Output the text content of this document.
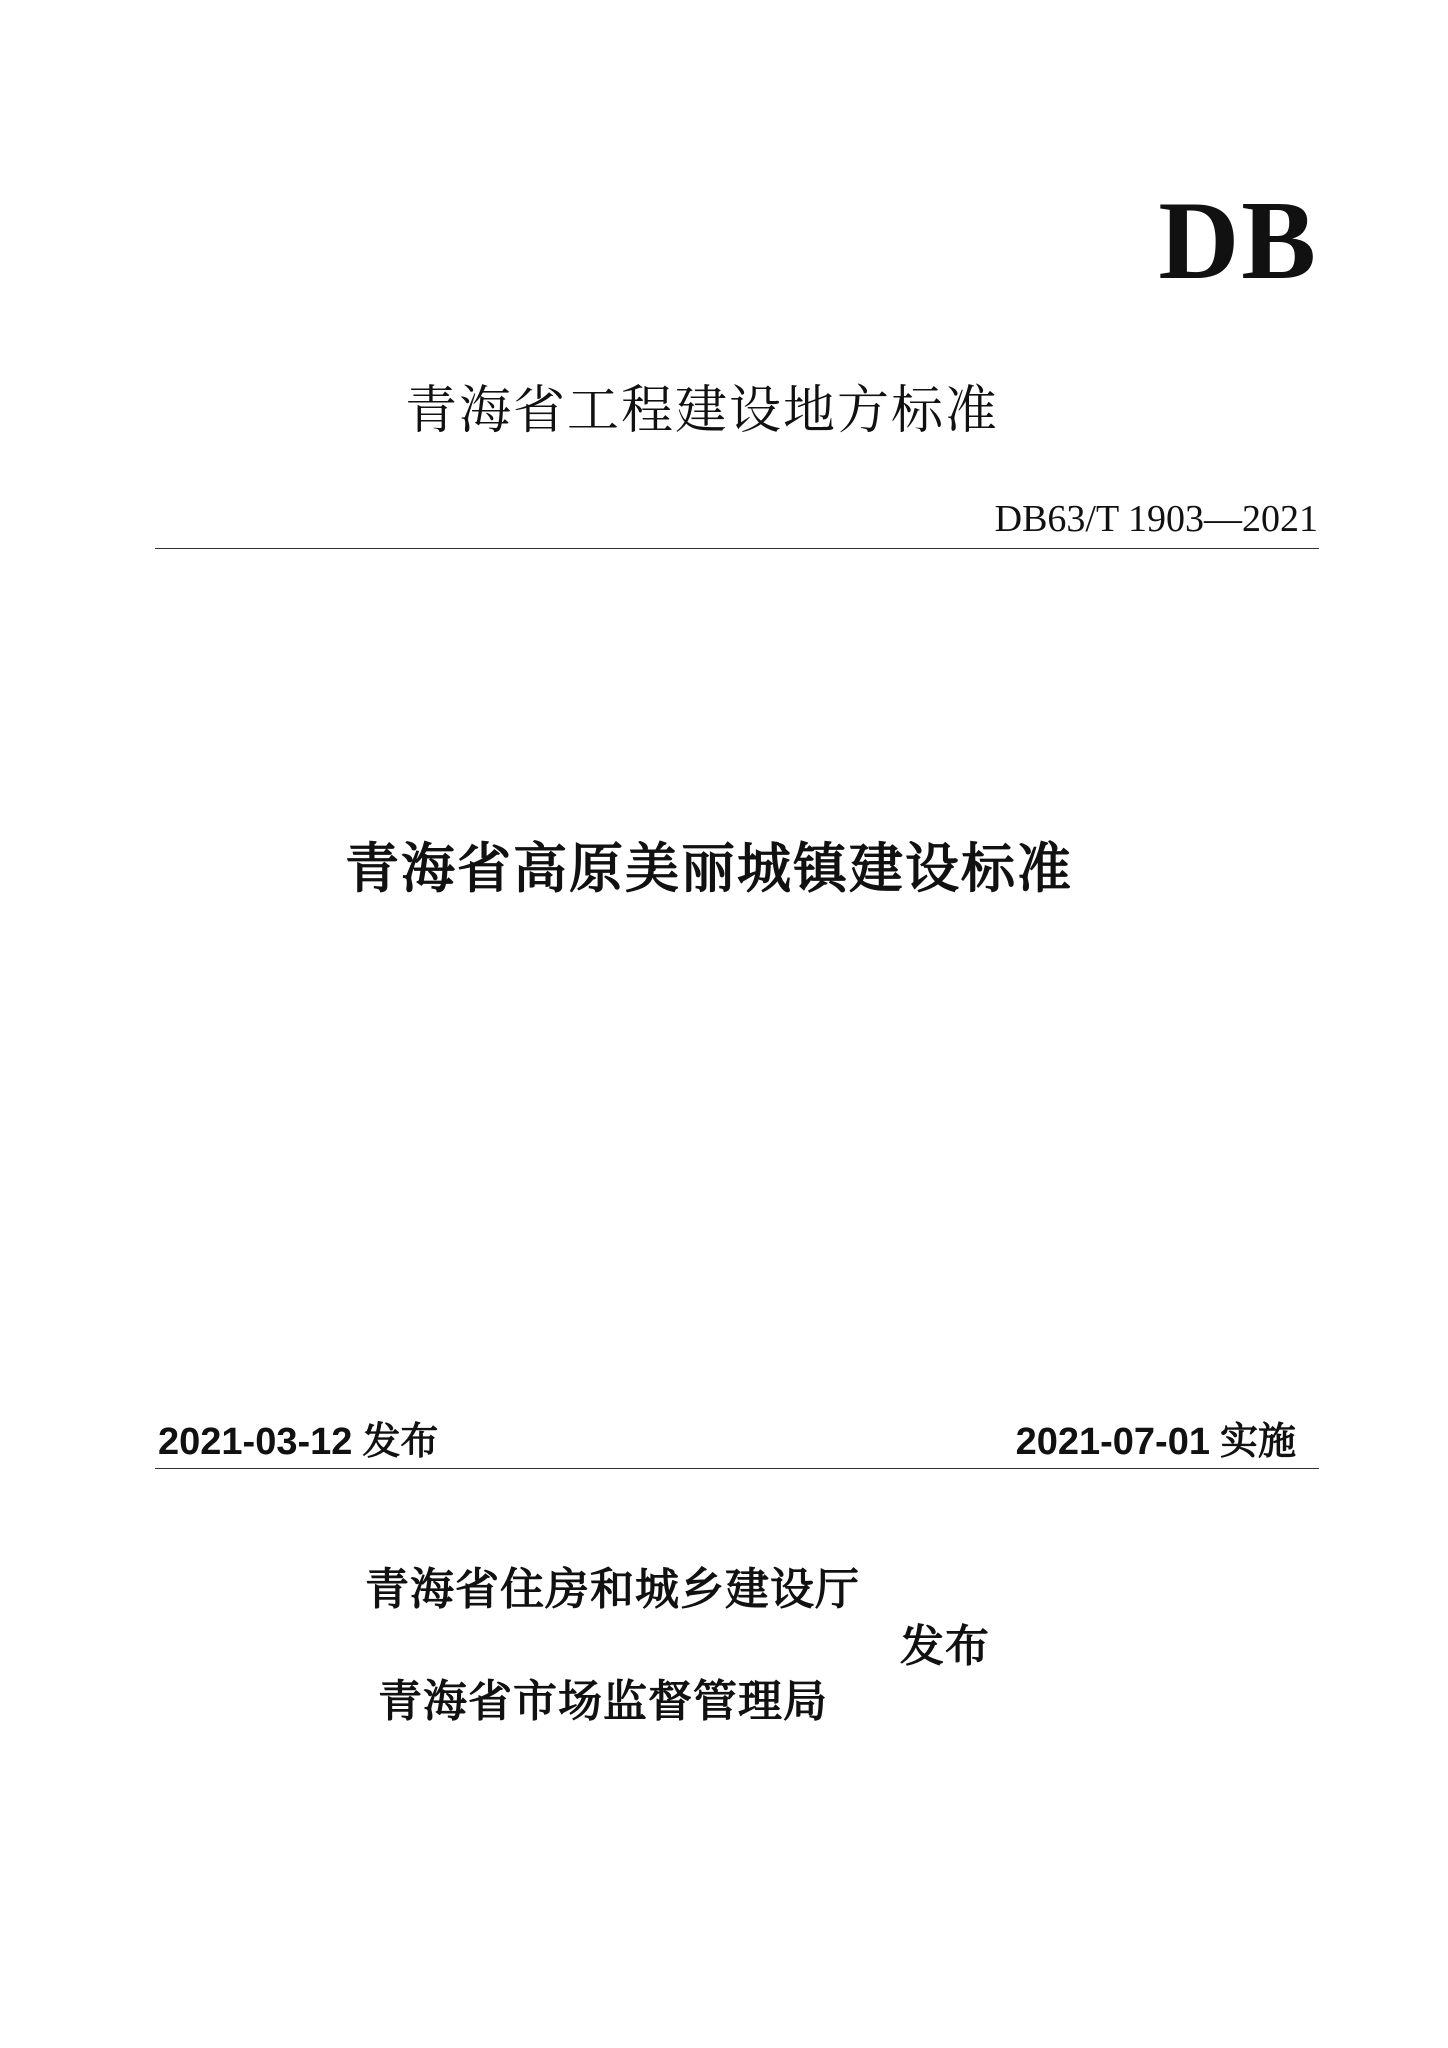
DB
青海省工程建设地方标准
DB63/T 1903—2021
青海省高原美丽城镇建设标准
2021-03-12 发布	2021-07-01 实施
青海省住房和城乡建设厅
发布
青海省市场监督管理局
